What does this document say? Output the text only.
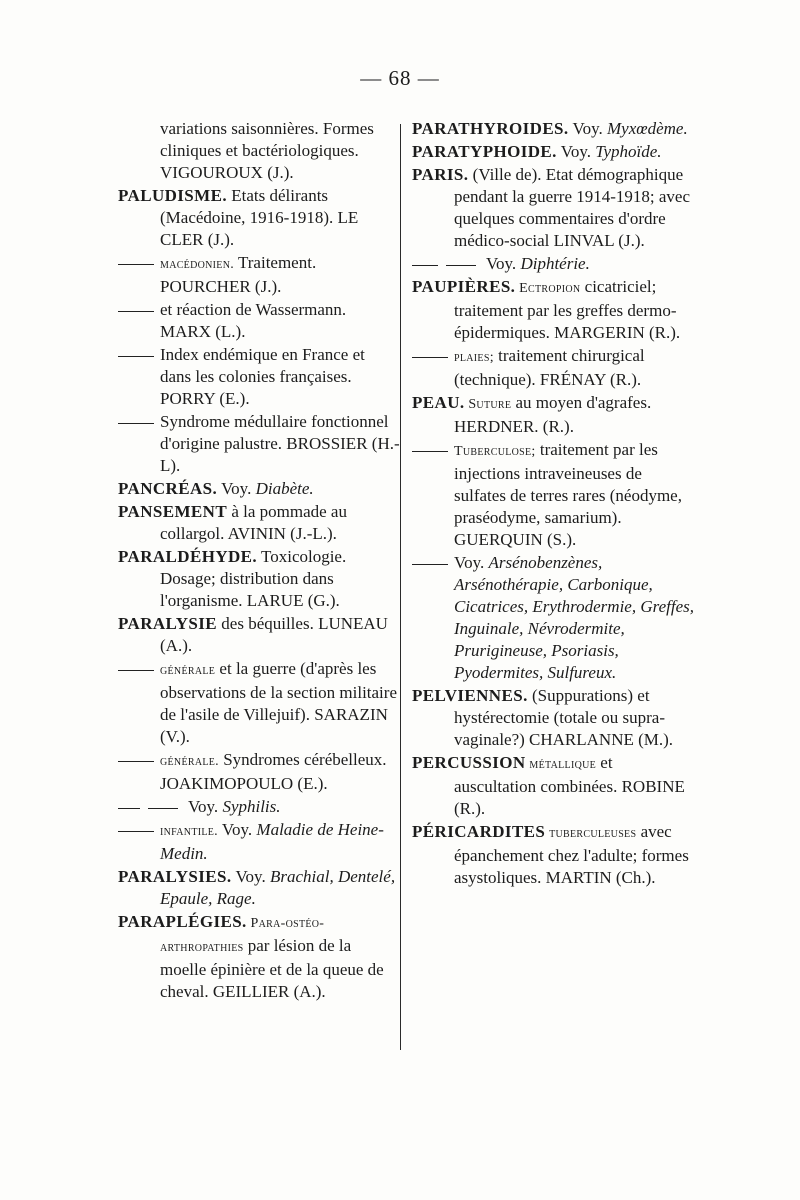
— 68 —

variations saisonnières. Formes cliniques et bactériologiques. VIGOUROUX (J.).

PALUDISME. Etats délirants (Macédoine, 1916-1918). LE CLER (J.).

macédonien. Traitement. POURCHER (J.).

et réaction de Wassermann. MARX (L.).

Index endémique en France et dans les colonies françaises. PORRY (E.).

Syndrome médullaire fonctionnel d'origine palustre. BROSSIER (H.-L).

PANCRÉAS. Voy. Diabète.

PANSEMENT à la pommade au collargol. AVININ (J.-L.).

PARALDÉHYDE. Toxicologie. Dosage; distribution dans l'organisme. LARUE (G.).

PARALYSIE des béquilles. LUNEAU (A.).

générale et la guerre (d'après les observations de la section militaire de l'asile de Villejuif). SARAZIN (V.).

générale. Syndromes cérébelleux. JOAKIMOPOULO (E.).

Voy. Syphilis.

infantile. Voy. Maladie de Heine-Medin.

PARALYSIES. Voy. Brachial, Dentelé, Epaule, Rage.

PARAPLÉGIES. Para-ostéo-arthropathies par lésion de la moelle épinière et de la queue de cheval. GEILLIER (A.).

PARATHYROIDES. Voy. Myxœdème.

PARATYPHOIDE. Voy. Typhoïde.

PARIS. (Ville de). Etat démographique pendant la guerre 1914-1918; avec quelques commentaires d'ordre médico-social LINVAL (J.).

Voy. Diphtérie.

PAUPIÈRES. Ectropion cicatriciel; traitement par les greffes dermo-épidermiques. MARGERIN (R.).

plaies; traitement chirurgical (technique). FRÉNAY (R.).

PEAU. Suture au moyen d'agrafes. HERDNER. (R.).

Tuberculose; traitement par les injections intraveineuses de sulfates de terres rares (néodyme, praséodyme, samarium). GUERQUIN (S.).

Voy. Arsénobenzènes, Arsénothérapie, Carbonique, Cicatrices, Erythrodermie, Greffes, Inguinale, Névrodermite, Prurigineuse, Psoriasis, Pyodermites, Sulfureux.

PELVIENNES. (Suppurations) et hystérectomie (totale ou supra-vaginale?) CHARLANNE (M.).

PERCUSSION métallique et auscultation combinées. ROBINE (R.).

PÉRICARDITES tuberculeuses avec épanchement chez l'adulte; formes asystoliques. MARTIN (Ch.).
